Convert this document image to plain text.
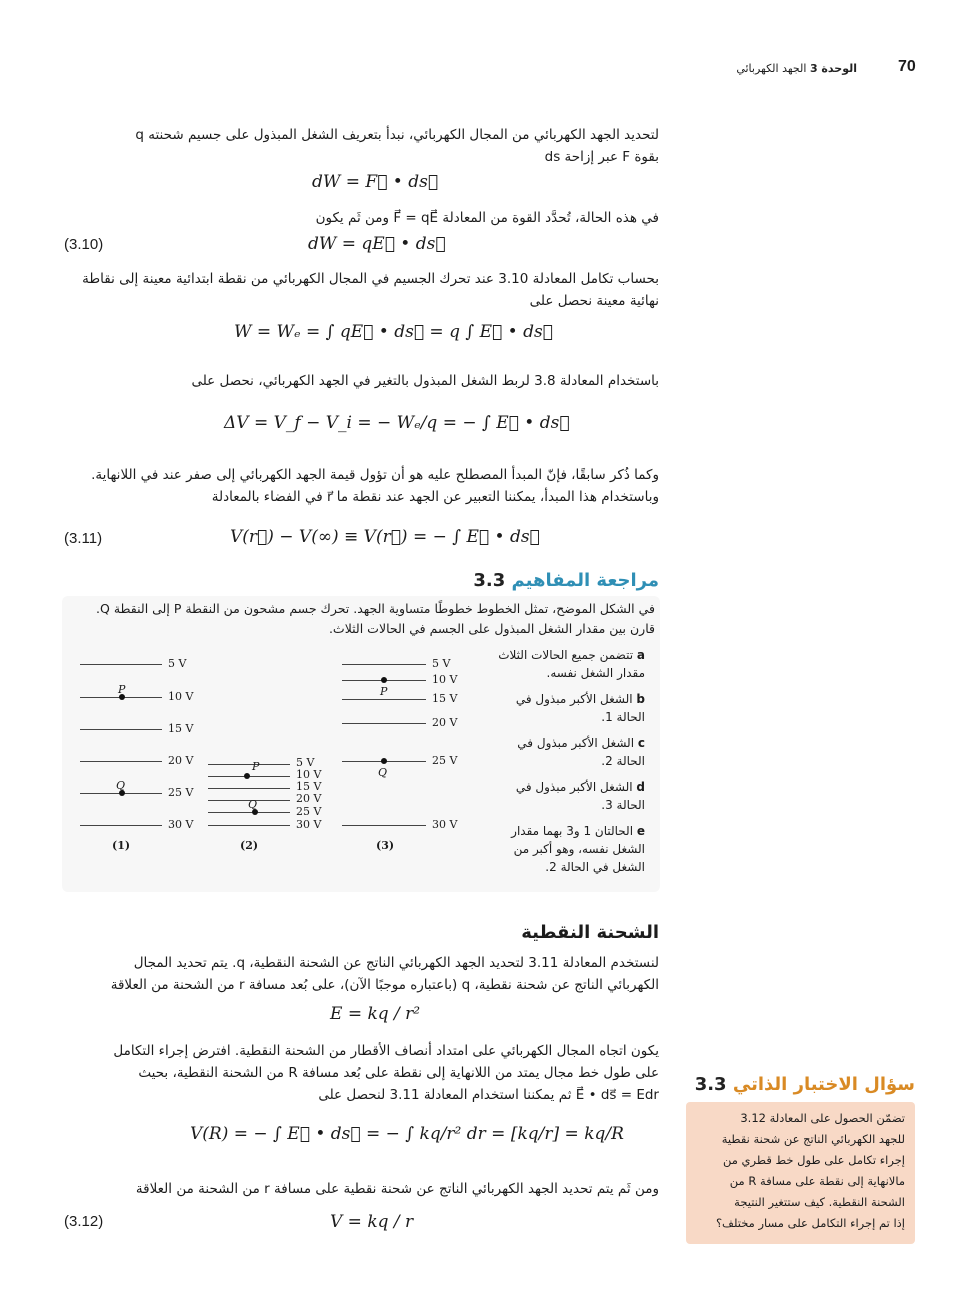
70
الوحدة 3 الجهد الكهربائي
لتحديد الجهد الكهربائي من المجال الكهربائي، نبدأ بتعريف الشغل المبذول على جسيم شحنته q
بقوة F عبر إزاحة ds
dW = F⃗ • ds⃗
في هذه الحالة، تُحدَّد القوة من المعادلة F⃗ = qE⃗ ومن ثَم يكون
dW = qE⃗ • ds⃗
(3.10)
بحساب تكامل المعادلة 3.10 عند تحرك الجسيم في المجال الكهربائي من نقطة ابتدائية معينة إلى نقاطة
نهائية معينة نحصل على
W = Wₑ = ∫ qE⃗ • ds⃗ = q ∫ E⃗ • ds⃗
باستخدام المعادلة 3.8 لربط الشغل المبذول بالتغير في الجهد الكهربائي، نحصل على
ΔV = V_f − V_i = − Wₑ/q = − ∫ E⃗ • ds⃗
وكما ذُكر سابقًا، فإنّ المبدأ المصطلح عليه هو أن تؤول قيمة الجهد الكهربائي إلى صفر عند في اللانهاية.
وباستخدام هذا المبدأ، يمكننا التعبير عن الجهد عند نقطة ما r⃗ في الفضاء بالمعادلة
V(r⃗) − V(∞) ≡ V(r⃗) = − ∫ E⃗ • ds⃗
(3.11)
مراجعة المفاهيم 3.3
في الشكل الموضح، تمثل الخطوط خطوطًا متساوية الجهد. تحرك جسم مشحون من النقطة P إلى النقطة Q.
قارن بين مقدار الشغل المبذول على الجسم في الحالات الثلاث.
a تتضمن جميع الحالات الثلاث مقدار الشغل نفسه.
b الشغل الأكبر مبذول في الحالة 1.
c الشغل الأكبر مبذول في الحالة 2.
d الشغل الأكبر مبذول في الحالة 3.
e الحالتان 1 و3 بهما مقدار الشغل نفسه، وهو أكبر من الشغل في الحالة 2.
5 V
10 V
15 V
20 V
25 V
30 V
P
Q
(1)
5 V
10 V
15 V
20 V
25 V
30 V
P
Q
(2)
5 V
10 V
15 V
20 V
25 V
30 V
P
Q
(3)
الشحنة النقطية
لنستخدم المعادلة 3.11 لتحديد الجهد الكهربائي الناتج عن الشحنة النقطية، q. يتم تحديد المجال
الكهربائي الناتج عن شحنة نقطية، q (باعتباره موجبًا الآن)، على بُعد مسافة r من الشحنة من العلاقة
E = kq / r²
يكون اتجاه المجال الكهربائي على امتداد أنصاف الأقطار من الشحنة النقطية. افترض إجراء التكامل
على طول خط مجال يمتد من اللانهاية إلى نقطة على بُعد مسافة R من الشحنة النقطية، بحيث
E⃗ • ds⃗ = Edr ثم يمكننا استخدام المعادلة 3.11 لنحصل على
V(R) = − ∫ E⃗ • ds⃗ = − ∫ kq/r² dr = [kq/r] = kq/R
ومن ثَم يتم تحديد الجهد الكهربائي الناتج عن شحنة نقطية على مسافة r من الشحنة من العلاقة
V = kq / r
(3.12)
سؤال الاختبار الذاتي 3.3
تضمّن الحصول على المعادلة 3.12
للجهد الكهربائي الناتج عن شحنة نقطية
إجراء تكامل على طول خط قطري من
مالانهاية إلى نقطة على مسافة R من
الشحنة النقطية. كيف ستتغير النتيجة
إذا تم إجراء التكامل على مسار مختلف؟
